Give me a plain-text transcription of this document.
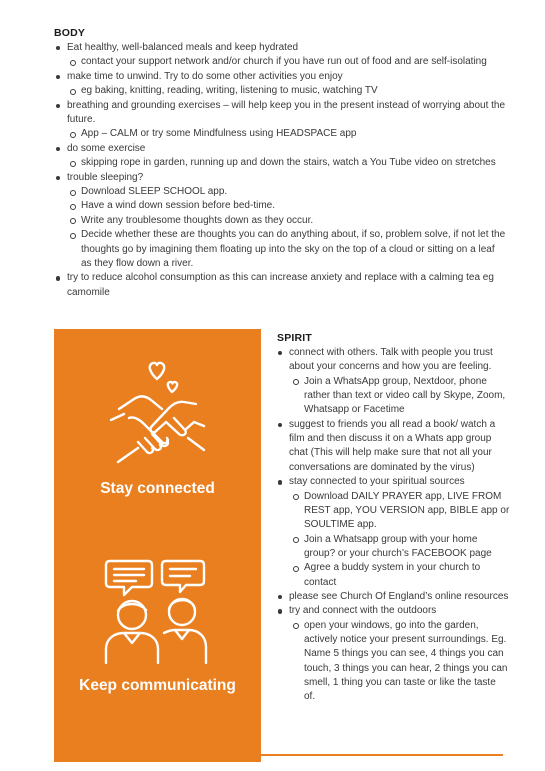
BODY
Eat healthy, well-balanced meals and keep hydrated
contact your support network and/or church if you have run out of food and are self-isolating
make time to unwind. Try to do some other activities you enjoy
eg baking, knitting, reading, writing, listening to music, watching TV
breathing and grounding exercises – will help keep you in the present instead of worrying about the
future.
App – CALM or try some Mindfulness using HEADSPACE app
do some exercise
skipping rope in garden, running up and down the stairs, watch a You Tube video on stretches
trouble sleeping?
Download SLEEP SCHOOL app.
Have a wind down session before bed-time.
Write any troublesome thoughts down as they occur.
Decide whether these are thoughts you can do anything about, if so, problem solve, if not let the
thoughts go by imagining them floating up into the sky on the top of a cloud or sitting on a leaf
as they flow down a river.
try to reduce alcohol consumption as this can increase anxiety and replace with a calming tea eg
camomile
Stay connected
Keep communicating
SPIRIT
connect with others. Talk with people you trust
about your concerns and how you are feeling.
Join a WhatsApp group, Nextdoor, phone
rather than text or video call by Skype, Zoom,
Whatsapp or Facetime
suggest to friends you all read a book/ watch a
film and then discuss it on a Whats app group
chat (This will help make sure that not all your
conversations are dominated by the virus)
stay connected to your spiritual sources
Download DAILY PRAYER app, LIVE FROM
REST app, YOU VERSION app, BIBLE app or
SOULTIME app.
Join a Whatsapp group with your home
group? or your church’s FACEBOOK page
Agree a buddy system in your church to
contact
please see Church Of England’s online resources
try and connect with the outdoors
open your windows, go into the garden,
actively notice your present surroundings. Eg.
Name 5 things you can see, 4 things you can
touch, 3 things you can hear, 2 things you can
smell, 1 thing you can taste or like the taste
of.
